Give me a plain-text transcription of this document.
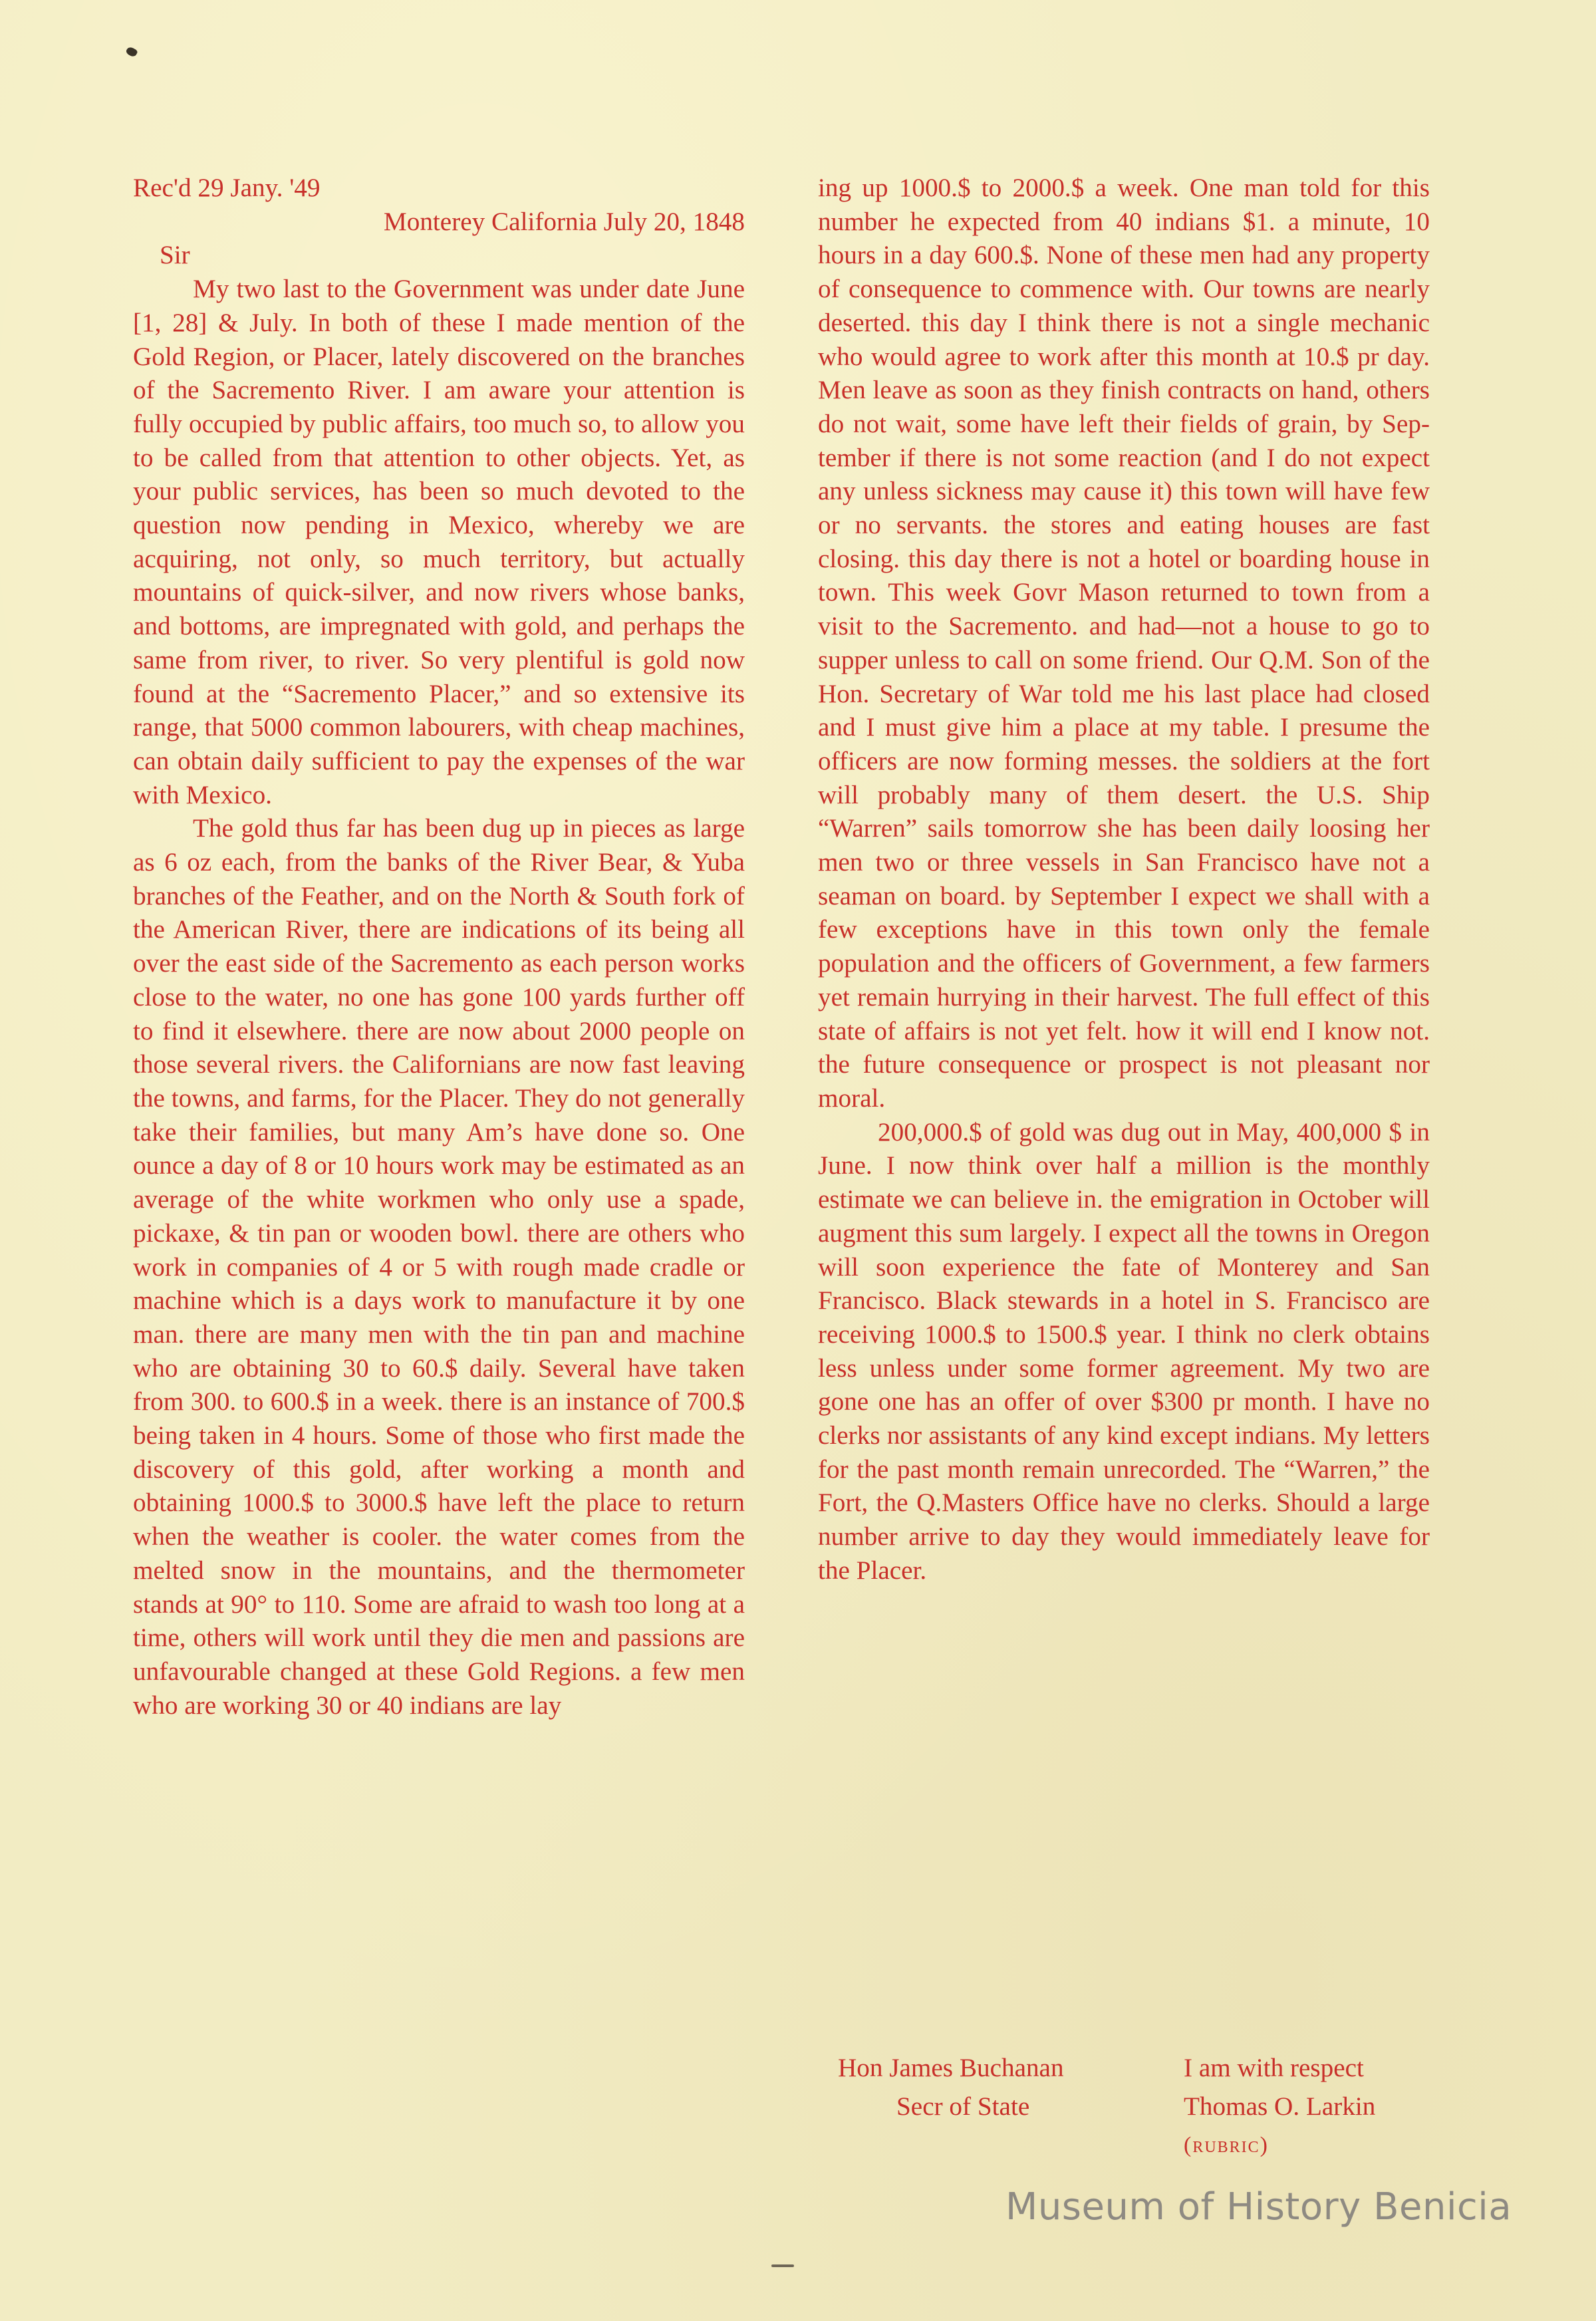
Rec'd 29 Jany. '49
Monterey California July 20, 1848
Sir

My two last to the Government was under date June [1, 28] & July. In both of these I made mention of the Gold Region, or Placer, lately discovered on the branches of the Sacremento River. I am aware your attention is fully occupied by public affairs, too much so, to allow you to be called from that attention to other objects. Yet, as your public services, has been so much devoted to the question now pending in Mexico, whereby we are acquiring, not only, so much territory, but actually mountains of quick-silver, and now rivers whose banks, and bottoms, are impregnated with gold, and perhaps the same from river, to river. So very plentiful is gold now found at the “Sacremento Placer,” and so extensive its range, that 5000 common labourers, with cheap machines, can obtain daily sufficient to pay the expenses of the war with Mexico.

The gold thus far has been dug up in pieces as large as 6 oz each, from the banks of the River Bear, & Yuba branches of the Feather, and on the North & South fork of the American River, there are indications of its being all over the east side of the Sacremento as each person works close to the water, no one has gone 100 yards further off to find it elsewhere. there are now about 2000 people on those several rivers. the Californians are now fast leaving the towns, and farms, for the Placer. They do not generally take their families, but many Am’s have done so. One ounce a day of 8 or 10 hours work may be estimated as an average of the white workmen who only use a spade, pickaxe, & tin pan or wooden bowl. there are others who work in companies of 4 or 5 with rough made cradle or machine which is a days work to manufacture it by one man. there are many men with the tin pan and machine who are obtaining 30 to 60.$ daily. Several have taken from 300. to 600.$ in a week. there is an instance of 700.$ being taken in 4 hours. Some of those who first made the discovery of this gold, after working a month and obtaining 1000.$ to 3000.$ have left the place to return when the weather is cooler. the water comes from the melted snow in the mountains, and the thermometer stands at 90° to 110. Some are afraid to wash too long at a time, others will work until they die men and passions are unfavourable changed at these Gold Regions. a few men who are working 30 or 40 indians are lay

ing up 1000.$ to 2000.$ a week. One man told for this number he expected from 40 indians $1. a minute, 10 hours in a day 600.$. None of these men had any property of consequence to commence with. Our towns are nearly deserted. this day I think there is not a single mechanic who would agree to work after this month at 10.$ pr day. Men leave as soon as they finish contracts on hand, others do not wait, some have left their fields of grain, by September if there is not some reaction (and I do not expect any unless sickness may cause it) this town will have few or no servants. the stores and eating houses are fast closing. this day there is not a hotel or boarding house in town. This week Govr Mason returned to town from a visit to the Sacremento. and had—not a house to go to supper unless to call on some friend. Our Q.M. Son of the Hon. Secretary of War told me his last place had closed and I must give him a place at my table. I presume the officers are now forming messes. the soldiers at the fort will probably many of them desert. the U.S. Ship “Warren” sails tomorrow she has been daily loosing her men two or three vessels in San Francisco have not a seaman on board. by September I expect we shall with a few exceptions have in this town only the female population and the officers of Government, a few farmers yet remain hurrying in their harvest. The full effect of this state of affairs is not yet felt. how it will end I know not. the future consequence or prospect is not pleasant nor moral.

200,000.$ of gold was dug out in May, 400,000 $ in June. I now think over half a million is the monthly estimate we can believe in. the emigration in October will augment this sum largely. I expect all the towns in Oregon will soon experience the fate of Monterey and San Francisco. Black stewards in a hotel in S. Francisco are receiving 1000.$ to 1500.$ year. I think no clerk obtains less unless under some former agreement. My two are gone one has an offer of over $300 pr month. I have no clerks nor assistants of any kind except indians. My letters for the past month remain unrecorded. The “Warren,” the Fort, the Q.Masters Office have no clerks. Should a large number arrive to day they would immediately leave for the Placer.

Hon James Buchanan	I am with respect
Secr of State	Thomas O. Larkin
(rubric)
Museum of History Benicia
